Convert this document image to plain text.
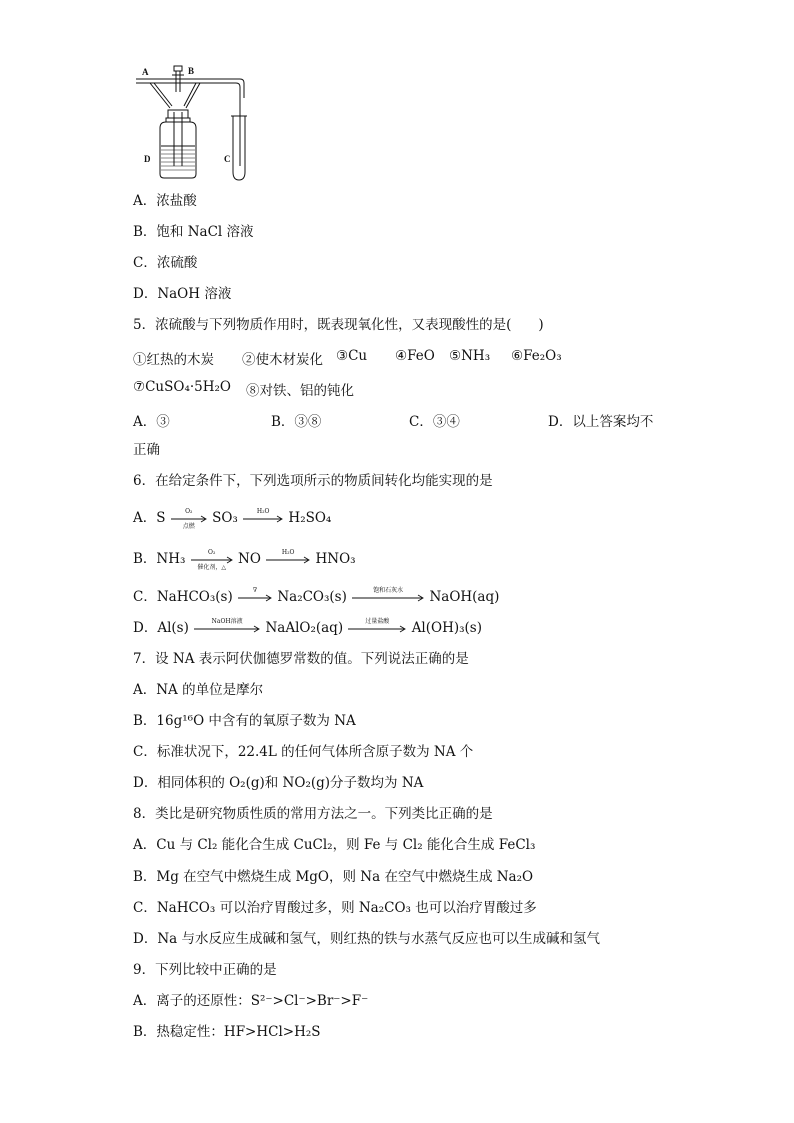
A	B
D	C
A．浓盐酸
B．饱和 NaCl 溶液
C．浓硫酸
D．NaOH 溶液
5．浓硫酸与下列物质作用时，既表现氧化性，又表现酸性的是(　　)
①红热的木炭 ②使木材炭化 ③Cu ④FeO ⑤NH₃ ⑥Fe₂O₃
⑦CuSO₄·5H₂O ⑧对铁、铝的钝化
A．③	B．③⑧	C．③④	D．以上答案均不
正确
6．在给定条件下，下列选项所示的物质间转化均能实现的是
A．S	O₂
点燃	SO₃	H₂O	H₂SO₄
B．NH₃	O₂
催化剂，△ NO	H₂O	HNO₃
C．NaHCO₃(s)	∇	Na₂CO₃(s)	饱和石灰水	NaOH(aq)
D．Al(s)	NaOH溶液	NaAlO₂(aq)	过量盐酸	Al(OH)₃(s)
7．设 NA 表示阿伏伽德罗常数的值。下列说法正确的是
A．NA 的单位是摩尔
B．16g¹⁶O 中含有的氧原子数为 NA
C．标准状况下，22.4L 的任何气体所含原子数为 NA 个
D．相同体积的 O₂(g)和 NO₂(g)分子数均为 NA
8．类比是研究物质性质的常用方法之一。下列类比正确的是
A．Cu 与 Cl₂ 能化合生成 CuCl₂，则 Fe 与 Cl₂ 能化合生成 FeCl₃
B．Mg 在空气中燃烧生成 MgO，则 Na 在空气中燃烧生成 Na₂O
C．NaHCO₃ 可以治疗胃酸过多，则 Na₂CO₃ 也可以治疗胃酸过多
D．Na 与水反应生成碱和氢气，则红热的铁与水蒸气反应也可以生成碱和氢气
9．下列比较中正确的是
A．离子的还原性：S²⁻>Cl⁻>Br⁻>F⁻
B．热稳定性：HF>HCl>H₂S
